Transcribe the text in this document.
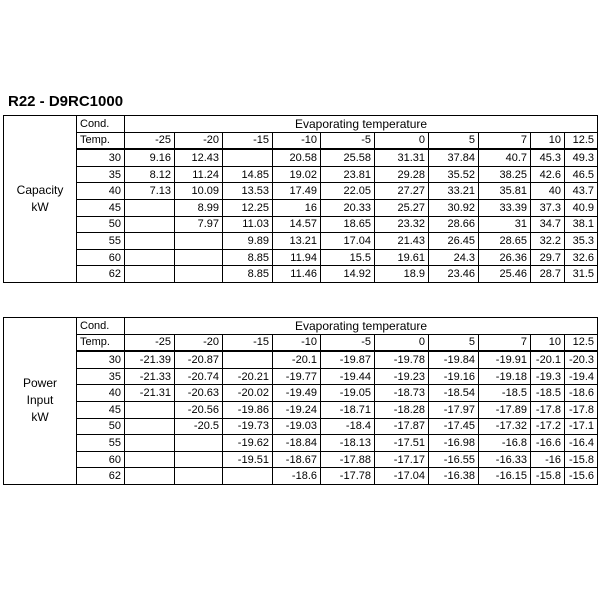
R22 - D9RC1000
Capacity
kW	Cond.	Evaporating temperature									
	Temp.	-25	-20	-15	-10	-5	0	5	7	10	12.5
	30	9.16	12.43		20.58	25.58	31.31	37.84	40.7	45.3	49.3
	35	8.12	11.24	14.85	19.02	23.81	29.28	35.52	38.25	42.6	46.5
	40	7.13	10.09	13.53	17.49	22.05	27.27	33.21	35.81	40	43.7
	45		8.99	12.25	16	20.33	25.27	30.92	33.39	37.3	40.9
	50		7.97	11.03	14.57	18.65	23.32	28.66	31	34.7	38.1
	55			9.89	13.21	17.04	21.43	26.45	28.65	32.2	35.3
	60			8.85	11.94	15.5	19.61	24.3	26.36	29.7	32.6
	62			8.85	11.46	14.92	18.9	23.46	25.46	28.7	31.5
Power
Input
kW	Cond.	Evaporating temperature									
	Temp.	-25	-20	-15	-10	-5	0	5	7	10	12.5
	30	-21.39	-20.87		-20.1	-19.87	-19.78	-19.84	-19.91	-20.1	-20.3
	35	-21.33	-20.74	-20.21	-19.77	-19.44	-19.23	-19.16	-19.18	-19.3	-19.4
	40	-21.31	-20.63	-20.02	-19.49	-19.05	-18.73	-18.54	-18.5	-18.5	-18.6
	45		-20.56	-19.86	-19.24	-18.71	-18.28	-17.97	-17.89	-17.8	-17.8
	50		-20.5	-19.73	-19.03	-18.4	-17.87	-17.45	-17.32	-17.2	-17.1
	55			-19.62	-18.84	-18.13	-17.51	-16.98	-16.8	-16.6	-16.4
	60			-19.51	-18.67	-17.88	-17.17	-16.55	-16.33	-16	-15.8
	62				-18.6	-17.78	-17.04	-16.38	-16.15	-15.8	-15.6
